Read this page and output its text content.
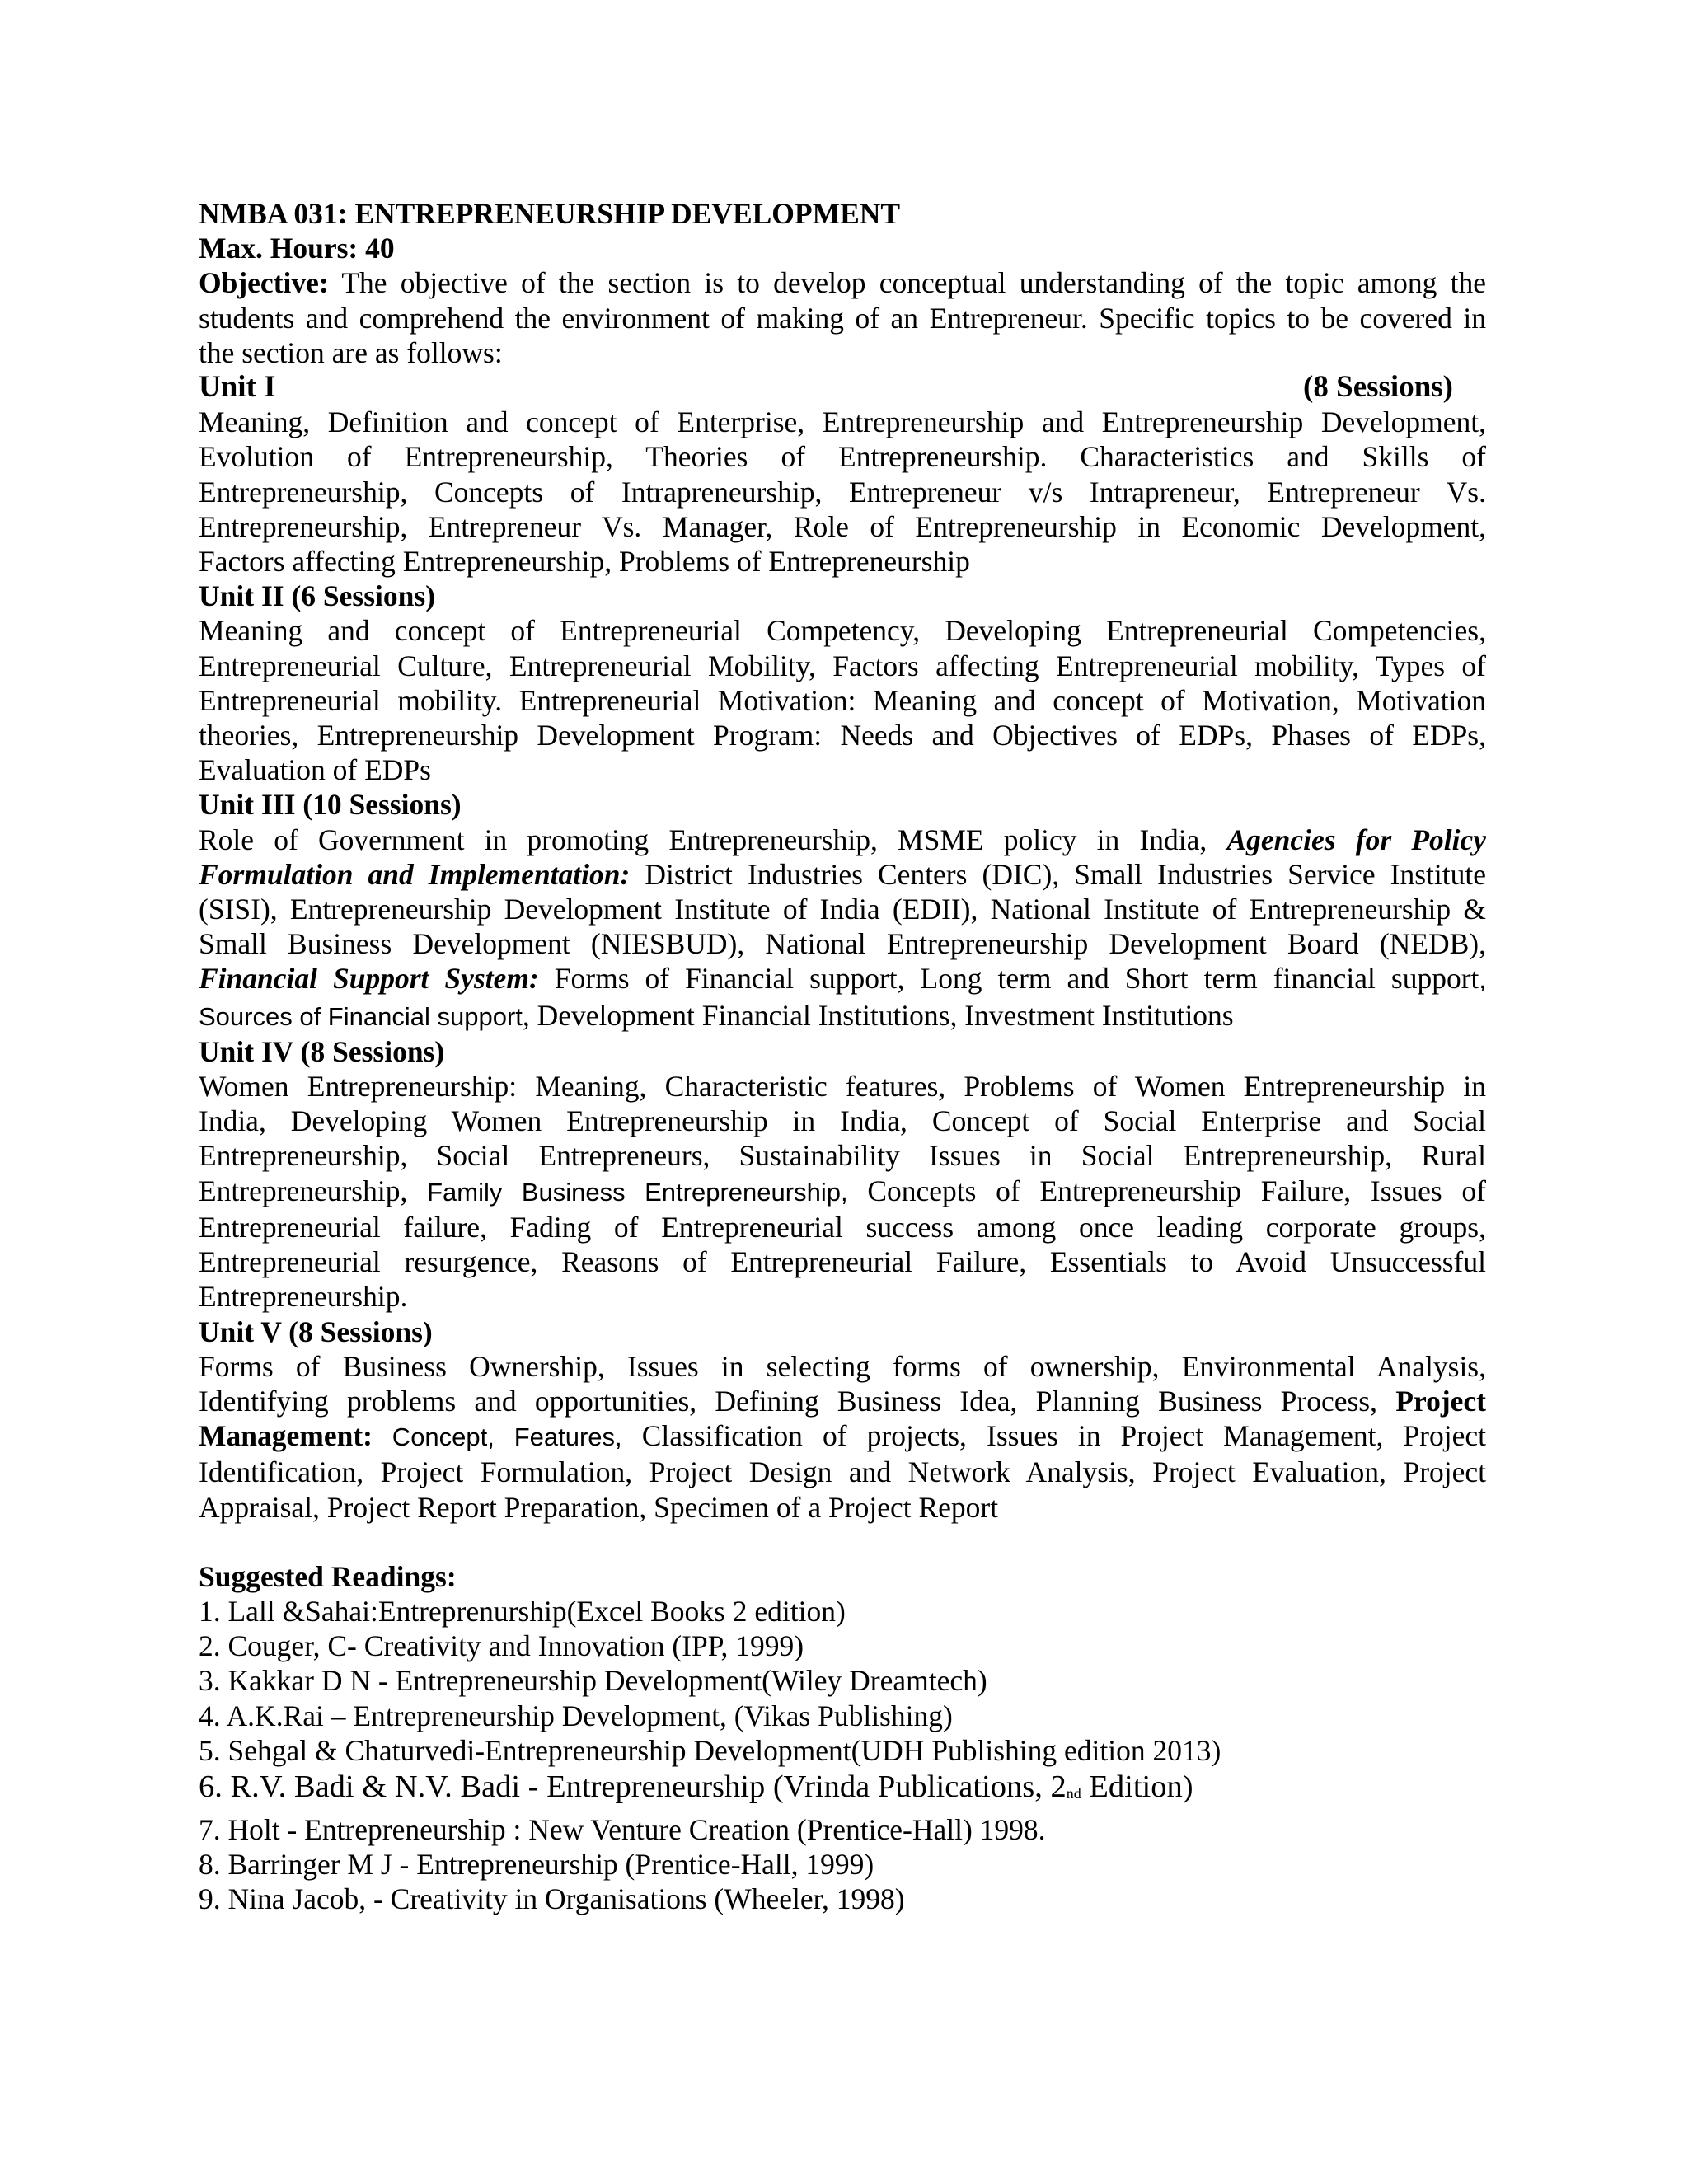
NMBA 031: ENTREPRENEURSHIP DEVELOPMENT
Max. Hours: 40
Objective: The objective of the section is to develop conceptual understanding of the topic among the
students and comprehend the environment of making of an Entrepreneur. Specific topics to be covered in
the section are as follows:
Unit I	(8 Sessions)
Meaning, Definition and concept of Enterprise, Entrepreneurship and Entrepreneurship Development,
Evolution of Entrepreneurship, Theories of Entrepreneurship. Characteristics and Skills of
Entrepreneurship, Concepts of Intrapreneurship, Entrepreneur v/s Intrapreneur, Entrepreneur Vs.
Entrepreneurship, Entrepreneur Vs. Manager, Role of Entrepreneurship in Economic Development,
Factors affecting Entrepreneurship, Problems of Entrepreneurship
Unit II (6 Sessions)
Meaning and concept of Entrepreneurial Competency, Developing Entrepreneurial Competencies,
Entrepreneurial Culture, Entrepreneurial Mobility, Factors affecting Entrepreneurial mobility, Types of
Entrepreneurial mobility. Entrepreneurial Motivation: Meaning and concept of Motivation, Motivation
theories, Entrepreneurship Development Program: Needs and Objectives of EDPs, Phases of EDPs,
Evaluation of EDPs
Unit III (10 Sessions)
Role of Government in promoting Entrepreneurship, MSME policy in India, Agencies for Policy
Formulation and Implementation: District Industries Centers (DIC), Small Industries Service Institute
(SISI), Entrepreneurship Development Institute of India (EDII), National Institute of Entrepreneurship &
Small Business Development (NIESBUD), National Entrepreneurship Development Board (NEDB),
Financial Support System: Forms of Financial support, Long term and Short term financial support,
Sources of Financial support, Development Financial Institutions, Investment Institutions
Unit IV (8 Sessions)
Women Entrepreneurship: Meaning, Characteristic features, Problems of Women Entrepreneurship in
India, Developing Women Entrepreneurship in India, Concept of Social Enterprise and Social
Entrepreneurship, Social Entrepreneurs, Sustainability Issues in Social Entrepreneurship, Rural
Entrepreneurship, Family Business Entrepreneurship, Concepts of Entrepreneurship Failure, Issues of
Entrepreneurial failure, Fading of Entrepreneurial success among once leading corporate groups,
Entrepreneurial resurgence, Reasons of Entrepreneurial Failure, Essentials to Avoid Unsuccessful
Entrepreneurship.
Unit V (8 Sessions)
Forms of Business Ownership, Issues in selecting forms of ownership, Environmental Analysis,
Identifying problems and opportunities, Defining Business Idea, Planning Business Process, Project
Management: Concept, Features, Classification of projects, Issues in Project Management, Project
Identification, Project Formulation, Project Design and Network Analysis, Project Evaluation, Project
Appraisal, Project Report Preparation, Specimen of a Project Report
Suggested Readings:
1. Lall &Sahai:Entreprenurship(Excel Books 2 edition)
2. Couger, C- Creativity and Innovation (IPP, 1999)
3. Kakkar D N - Entrepreneurship Development(Wiley Dreamtech)
4. A.K.Rai – Entrepreneurship Development, (Vikas Publishing)
5. Sehgal & Chaturvedi-Entrepreneurship Development(UDH Publishing edition 2013)
6. R.V. Badi & N.V. Badi - Entrepreneurship (Vrinda Publications, 2nd Edition)
7. Holt - Entrepreneurship : New Venture Creation (Prentice-Hall) 1998.
8. Barringer M J - Entrepreneurship (Prentice-Hall, 1999)
9. Nina Jacob, - Creativity in Organisations (Wheeler, 1998)
